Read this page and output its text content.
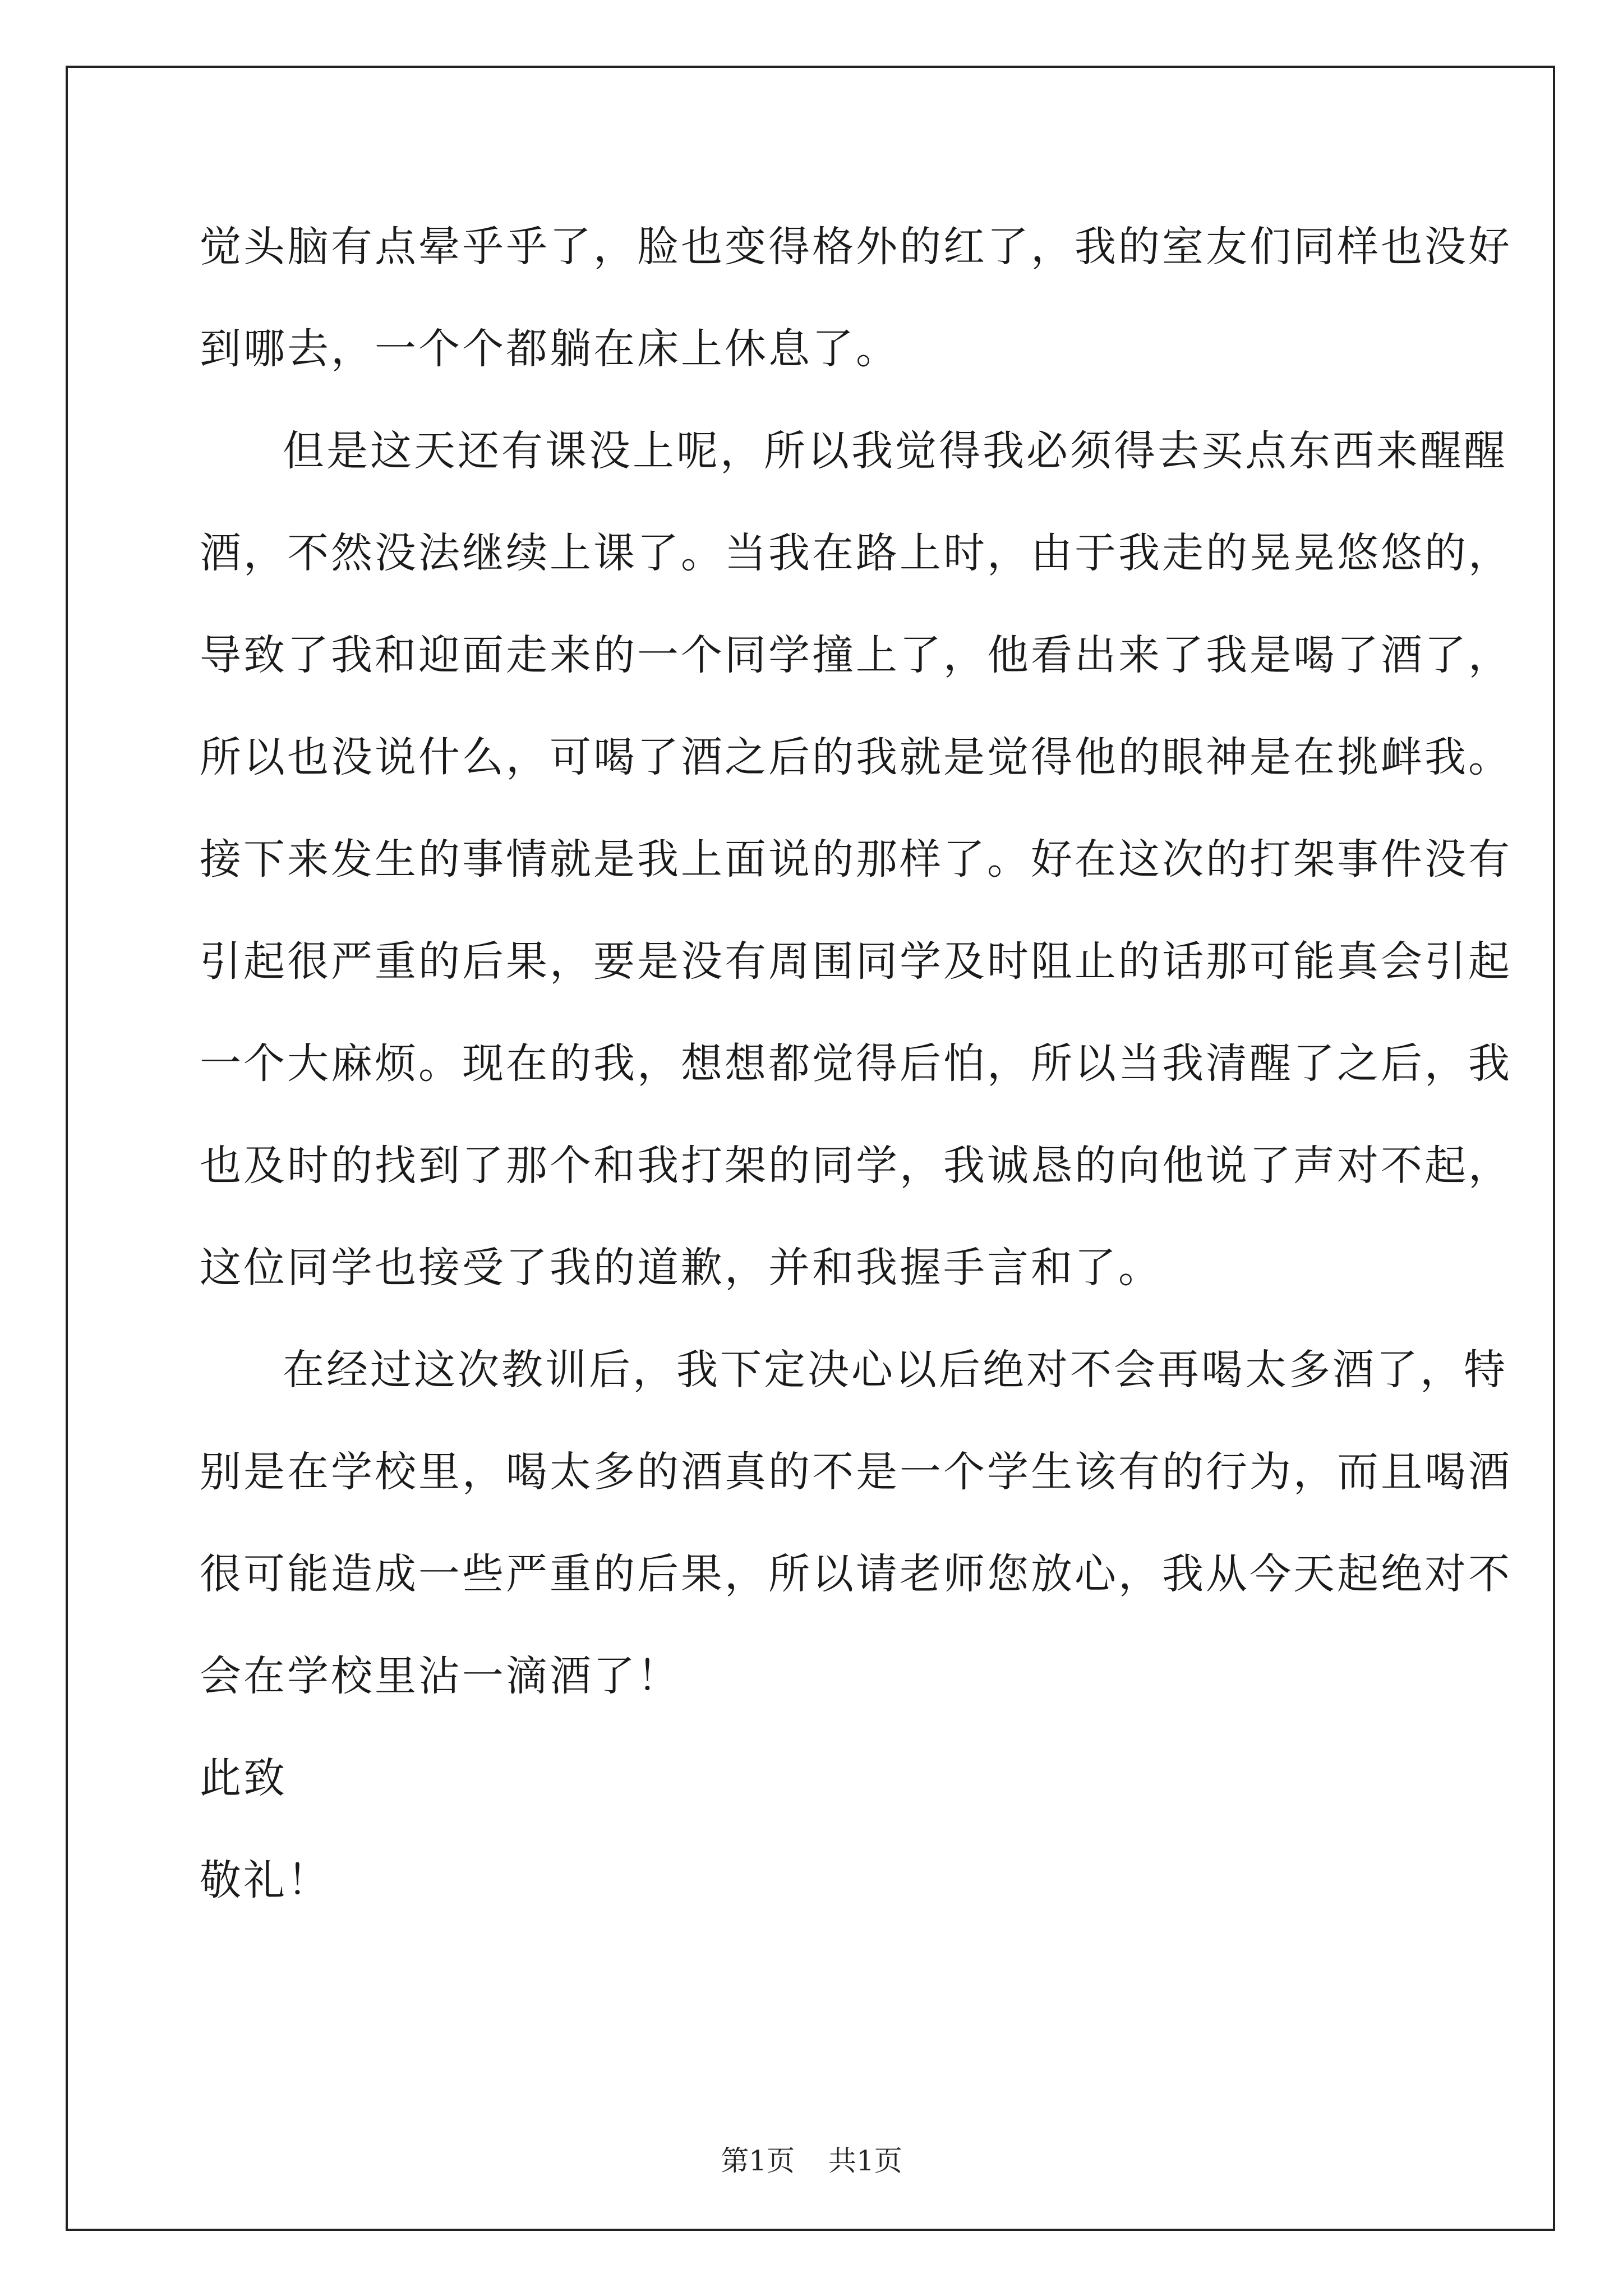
觉头脑有点晕乎乎了，脸也变得格外的红了，我的室友们同样也没好
到哪去，一个个都躺在床上休息了。
但是这天还有课没上呢，所以我觉得我必须得去买点东西来醒醒
酒，不然没法继续上课了。当我在路上时，由于我走的晃晃悠悠的，
导致了我和迎面走来的一个同学撞上了，他看出来了我是喝了酒了，
所以也没说什么，可喝了酒之后的我就是觉得他的眼神是在挑衅我。
接下来发生的事情就是我上面说的那样了。好在这次的打架事件没有
引起很严重的后果，要是没有周围同学及时阻止的话那可能真会引起
一个大麻烦。现在的我，想想都觉得后怕，所以当我清醒了之后，我
也及时的找到了那个和我打架的同学，我诚恳的向他说了声对不起，
这位同学也接受了我的道歉，并和我握手言和了。
在经过这次教训后，我下定决心以后绝对不会再喝太多酒了，特
别是在学校里，喝太多的酒真的不是一个学生该有的行为，而且喝酒
很可能造成一些严重的后果，所以请老师您放心，我从今天起绝对不
会在学校里沾一滴酒了！
此致
敬礼！
第1页 共1页
